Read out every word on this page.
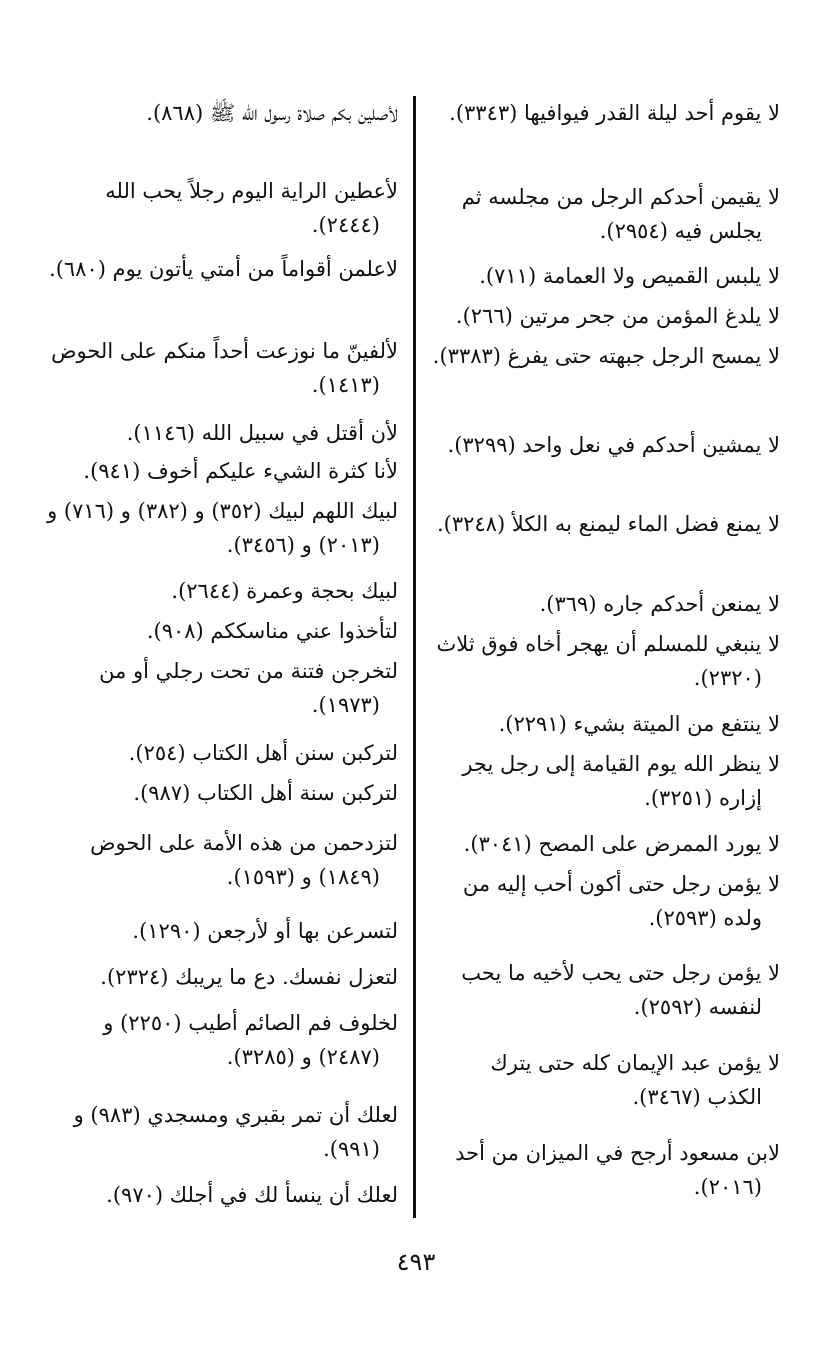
لا يقوم أحد ليلة القدر فيوافيها (٣٣٤٣).
لا يقيمن أحدكم الرجل من مجلسه ثم يجلس فيه (٢٩٥٤).
لا يلبس القميص ولا العمامة (٧١١).
لا يلدغ المؤمن من جحر مرتين (٢٦٦).
لا يمسح الرجل جبهته حتى يفرغ (٣٣٨٣).
لا يمشين أحدكم في نعل واحد (٣٢٩٩).
لا يمنع فضل الماء ليمنع به الكلأ (٣٢٤٨).
لا يمنعن أحدكم جاره (٣٦٩).
لا ينبغي للمسلم أن يهجر أخاه فوق ثلاث (٢٣٢٠).
لا ينتفع من الميتة بشيء (٢٢٩١).
لا ينظر الله يوم القيامة إلى رجل يجر إزاره (٣٢٥١).
لا يورد الممرض على المصح (٣٠٤١).
لا يؤمن رجل حتى أكون أحب إليه من ولده (٢٥٩٣).
لا يؤمن رجل حتى يحب لأخيه ما يحب لنفسه (٢٥٩٢).
لا يؤمن عبد الإيمان كله حتى يترك الكذب (٣٤٦٧).
لابن مسعود أرجح في الميزان من أحد (٢٠١٦).
لأصلين بكم صلاة رسول الله ﷺ (٨٦٨).
لأعطين الراية اليوم رجلاً يحب الله (٢٤٤٤).
لاعلمن أقواماً من أمتي يأتون يوم (٦٨٠).
لألفينّ ما نوزعت أحداً منكم على الحوض (١٤١٣).
لأن أقتل في سبيل الله (١١٤٦).
لأنا كثرة الشيء عليكم أخوف (٩٤١).
لبيك اللهم لبيك (٣٥٢) و (٣٨٢) و (٧١٦) و (٢٠١٣) و (٣٤٥٦).
لبيك بحجة وعمرة (٢٦٤٤).
لتأخذوا عني مناسككم (٩٠٨).
لتخرجن فتنة من تحت رجلي أو من (١٩٧٣).
لتركبن سنن أهل الكتاب (٢٥٤).
لتركبن سنة أهل الكتاب (٩٨٧).
لتزدحمن من هذه الأمة على الحوض (١٨٤٩) و (١٥٩٣).
لتسرعن بها أو لأرجعن (١٢٩٠).
لتعزل نفسك. دع ما يريبك (٢٣٢٤).
لخلوف فم الصائم أطيب (٢٢٥٠) و (٢٤٨٧) و (٣٢٨٥).
لعلك أن تمر بقبري ومسجدي (٩٨٣) و (٩٩١).
لعلك أن ينسأ لك في أجلك (٩٧٠).
٤٩٣
